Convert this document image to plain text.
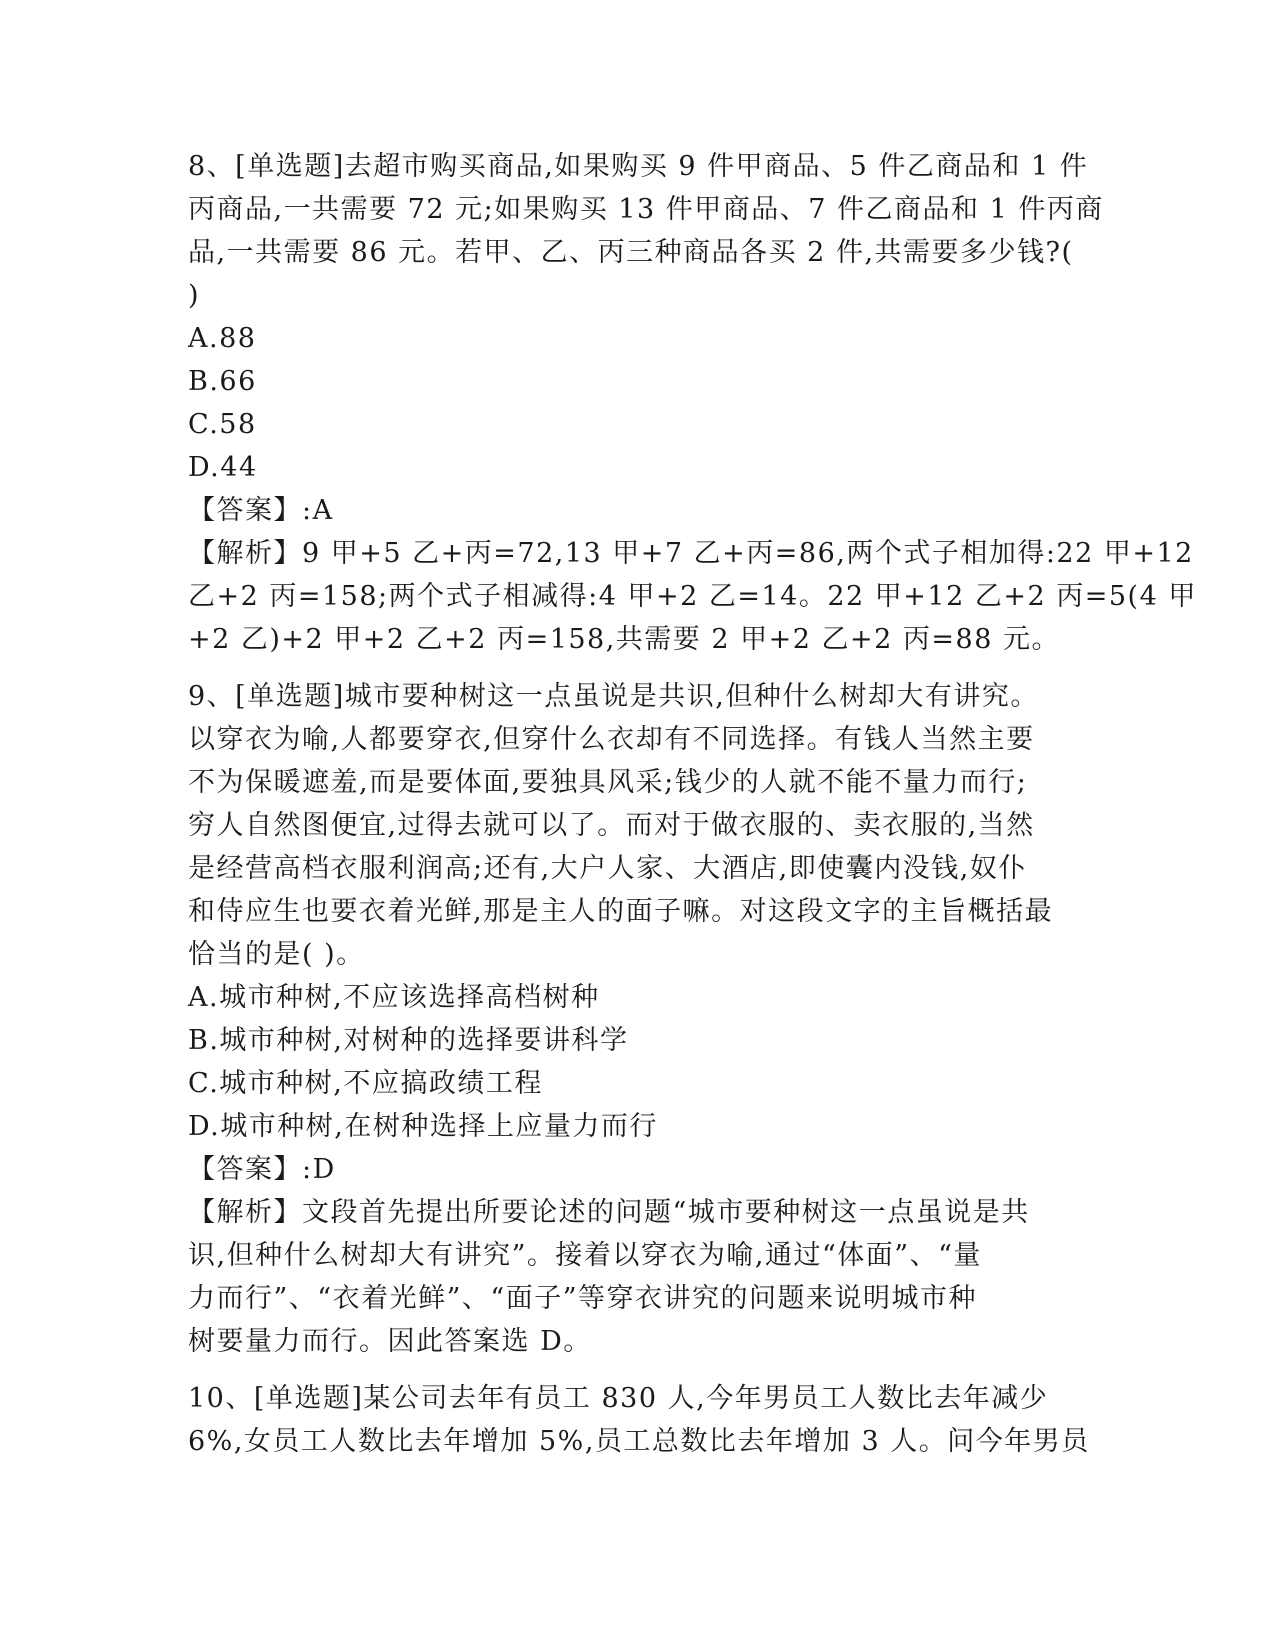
8、[单选题]去超市购买商品,如果购买 9 件甲商品、5 件乙商品和 1 件
丙商品,一共需要 72 元;如果购买 13 件甲商品、7 件乙商品和 1 件丙商
品,一共需要 86 元。若甲、乙、丙三种商品各买 2 件,共需要多少钱?(
)
A.88
B.66
C.58
D.44
【答案】:A
【解析】9 甲+5 乙+丙=72,13 甲+7 乙+丙=86,两个式子相加得:22 甲+12
乙+2 丙=158;两个式子相减得:4 甲+2 乙=14。22 甲+12 乙+2 丙=5(4 甲
+2 乙)+2 甲+2 乙+2 丙=158,共需要 2 甲+2 乙+2 丙=88 元。
9、[单选题]城市要种树这一点虽说是共识,但种什么树却大有讲究。
以穿衣为喻,人都要穿衣,但穿什么衣却有不同选择。有钱人当然主要
不为保暖遮羞,而是要体面,要独具风采;钱少的人就不能不量力而行;
穷人自然图便宜,过得去就可以了。而对于做衣服的、卖衣服的,当然
是经营高档衣服利润高;还有,大户人家、大酒店,即使囊内没钱,奴仆
和侍应生也要衣着光鲜,那是主人的面子嘛。对这段文字的主旨概括最
恰当的是( )。
A.城市种树,不应该选择高档树种
B.城市种树,对树种的选择要讲科学
C.城市种树,不应搞政绩工程
D.城市种树,在树种选择上应量力而行
【答案】:D
【解析】文段首先提出所要论述的问题“城市要种树这一点虽说是共
识,但种什么树却大有讲究”。接着以穿衣为喻,通过“体面”、“量
力而行”、“衣着光鲜”、“面子”等穿衣讲究的问题来说明城市种
树要量力而行。因此答案选 D。
10、[单选题]某公司去年有员工 830 人,今年男员工人数比去年减少
6%,女员工人数比去年增加 5%,员工总数比去年增加 3 人。问今年男员
